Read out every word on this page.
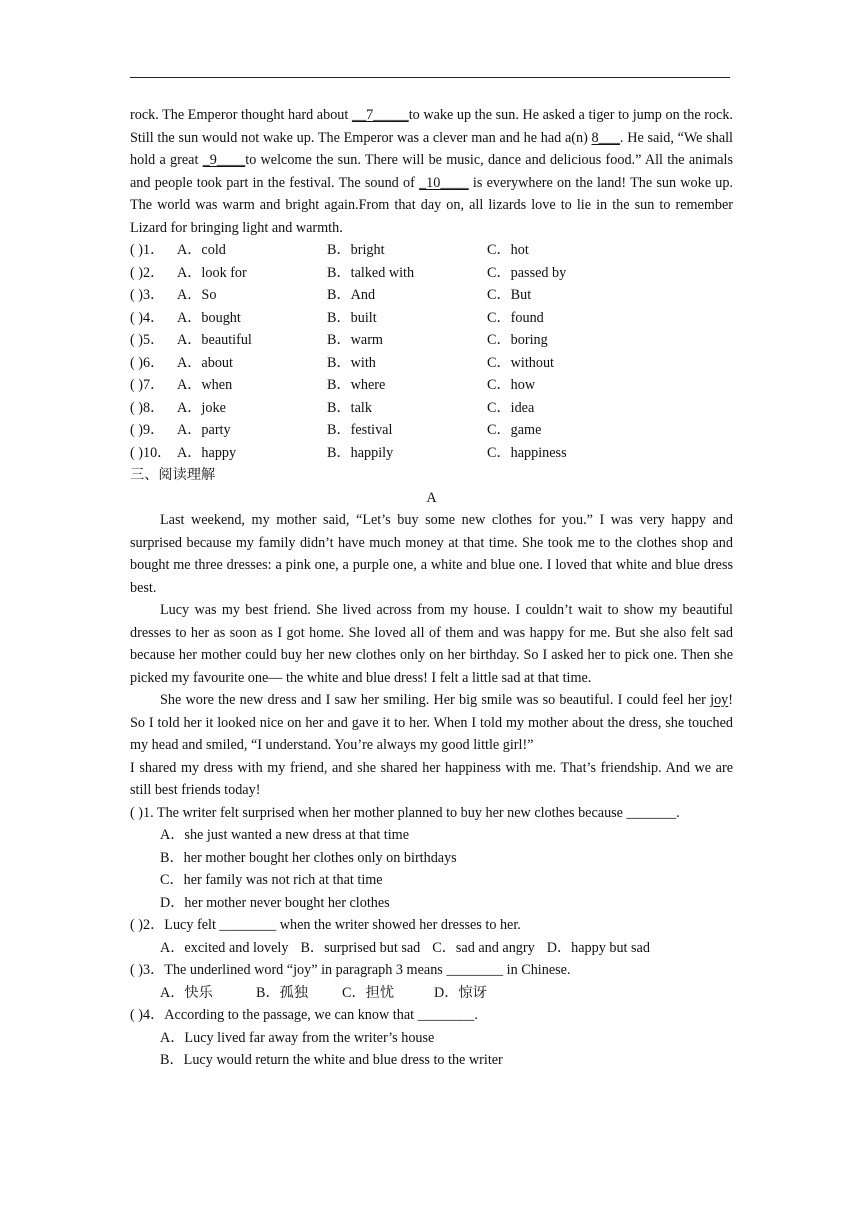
rock. The Emperor thought hard about __7_____to wake up the sun. He asked a tiger to jump on the rock. Still the sun would not wake up. The Emperor was a clever man and he had a(n) 8___. He said, “We shall hold a great _9____to welcome the sun. There will be music, dance and delicious food.” All the animals and people took part in the festival. The sound of _10____ is everywhere on the land! The sun woke up. The world was warm and bright again.From that day on, all lizards love to lie in the sun to remember Lizard for bringing light and warmth.

( )1． A．cold	B．bright	C．hot
( )2． A．look for	B．talked with	C．passed by
( )3． A．So	B．And	C．But
( )4． A．bought	B．built	C．found
( )5． A．beautiful	B．warm	C．boring
( )6． A．about	B．with	C．without
( )7． A．when	B．where	C．how
( )8． A．joke	B．talk	C．idea
( )9． A．party	B．festival	C．game
( )10． A．happy	B．happily	C．happiness

三、阅读理解

A

Last weekend, my mother said, “Let’s buy some new clothes for you.” I was very happy and surprised because my family didn’t have much money at that time. She took me to the clothes shop and bought me three dresses: a pink one, a purple one, a white and blue one. I loved that white and blue dress best.

Lucy was my best friend. She lived across from my house. I couldn’t wait to show my beautiful dresses to her as soon as I got home. She loved all of them and was happy for me. But she also felt sad because her mother could buy her new clothes only on her birthday. So I asked her to pick one. Then she picked my favourite one— the white and blue dress! I felt a little sad at that time.

She wore the new dress and I saw her smiling. Her big smile was so beautiful. I could feel her joy! So I told her it looked nice on her and gave it to her. When I told my mother about the dress, she touched my head and smiled, “I understand. You’re always my good little girl!”

I shared my dress with my friend, and she shared her happiness with me. That’s friendship. And we are still best friends today!

( )1. The writer felt surprised when her mother planned to buy her new clothes because _______.

A．she just wanted a new dress at that time

B．her mother bought her clothes only on birthdays

C．her family was not rich at that time

D．her mother never bought her clothes

( )2．Lucy felt ________ when the writer showed her dresses to her.

A．excited and lovely B．surprised but sad C．sad and angry D．happy but sad

( )3．The underlined word “joy” in paragraph 3 means ________ in Chinese.

A．快乐	B．孤独 C．担忧	D．惊讶

( )4．According to the passage, we can know that ________.

A．Lucy lived far away from the writer’s house

B．Lucy would return the white and blue dress to the writer
